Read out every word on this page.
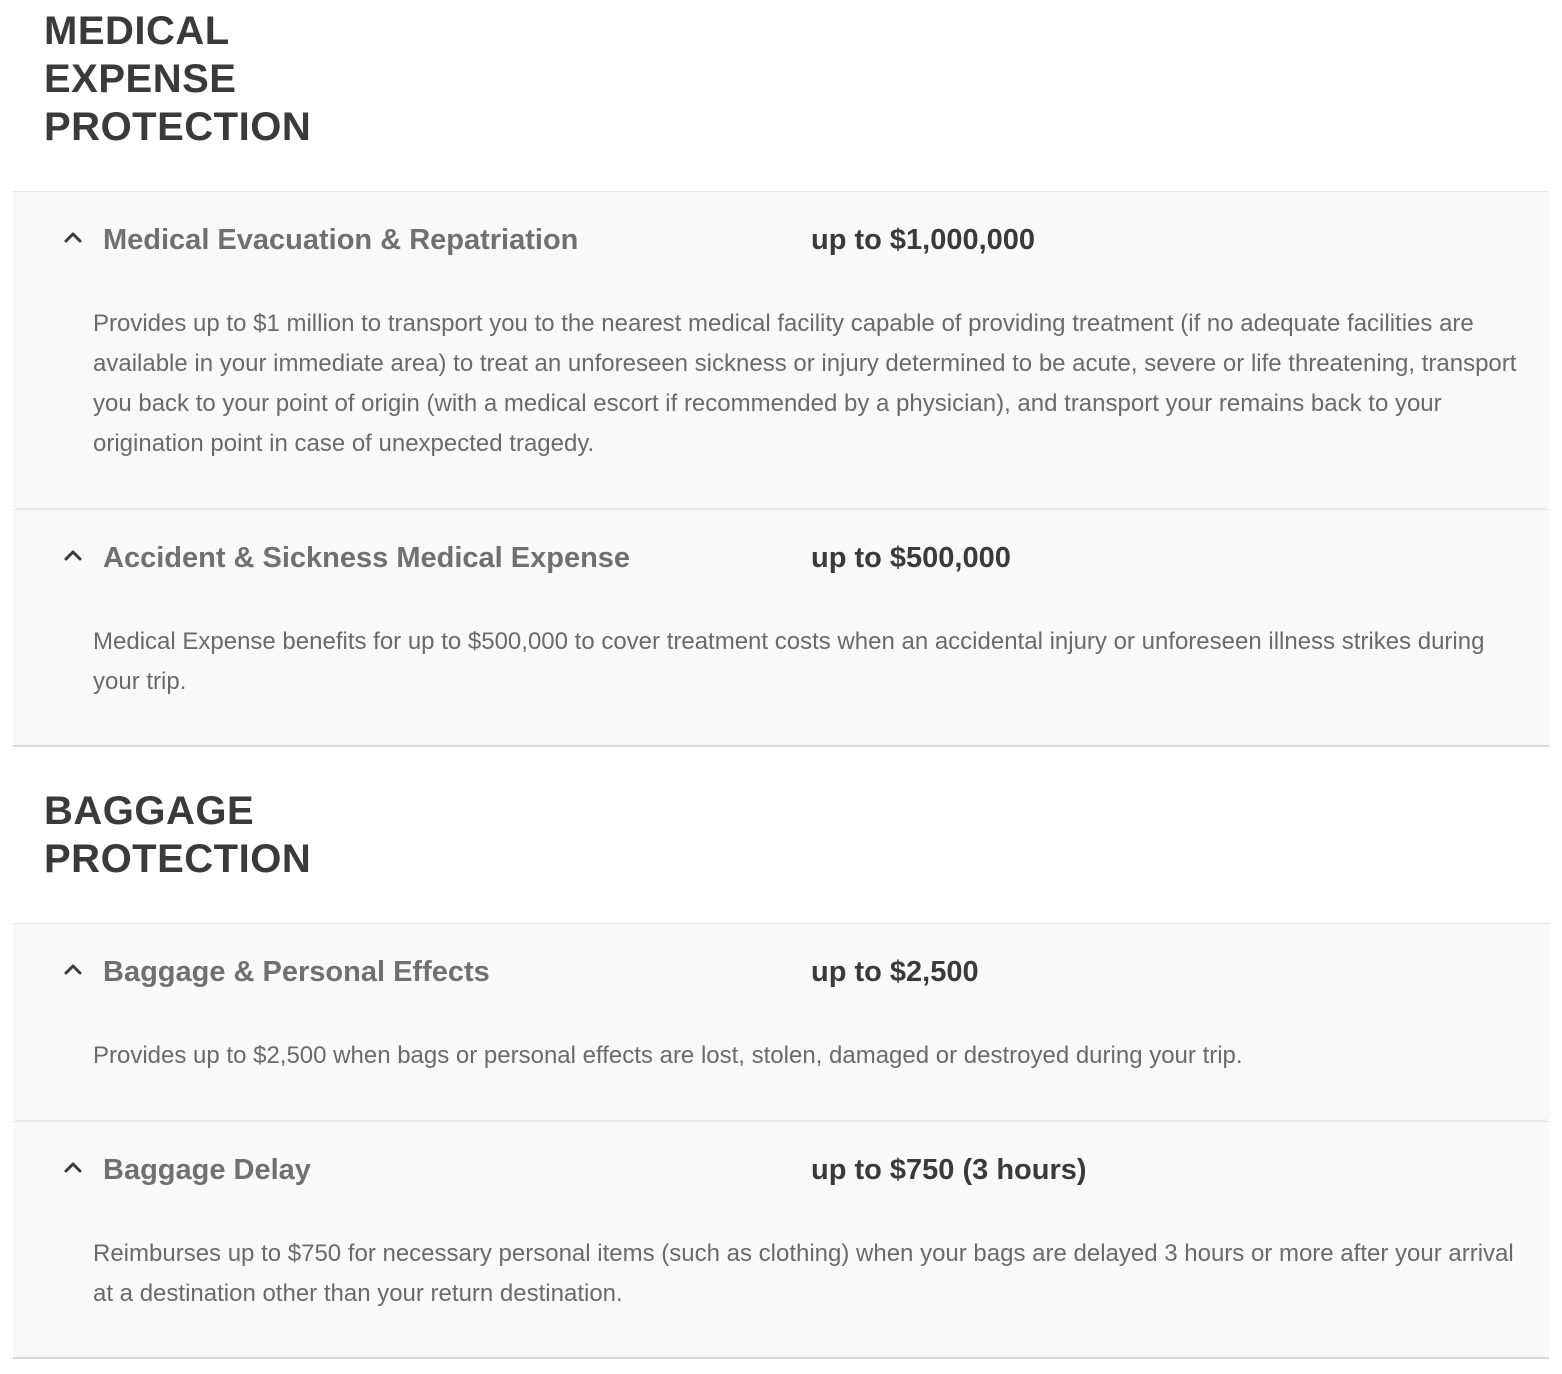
MEDICAL
EXPENSE
PROTECTION
Medical Evacuation & Repatriation	up to $1,000,000

Provides up to $1 million to transport you to the nearest medical facility capable of providing treatment (if no adequate facilities are available in your immediate area) to treat an unforeseen sickness or injury determined to be acute, severe or life threatening, transport you back to your point of origin (with a medical escort if recommended by a physician), and transport your remains back to your origination point in case of unexpected tragedy.

Accident & Sickness Medical Expense	up to $500,000

Medical Expense benefits for up to $500,000 to cover treatment costs when an accidental injury or unforeseen illness strikes during your trip.

BAGGAGE
PROTECTION
Baggage & Personal Effects	up to $2,500

Provides up to $2,500 when bags or personal effects are lost, stolen, damaged or destroyed during your trip.

Baggage Delay	up to $750 (3 hours)

Reimburses up to $750 for necessary personal items (such as clothing) when your bags are delayed 3 hours or more after your arrival at a destination other than your return destination.
